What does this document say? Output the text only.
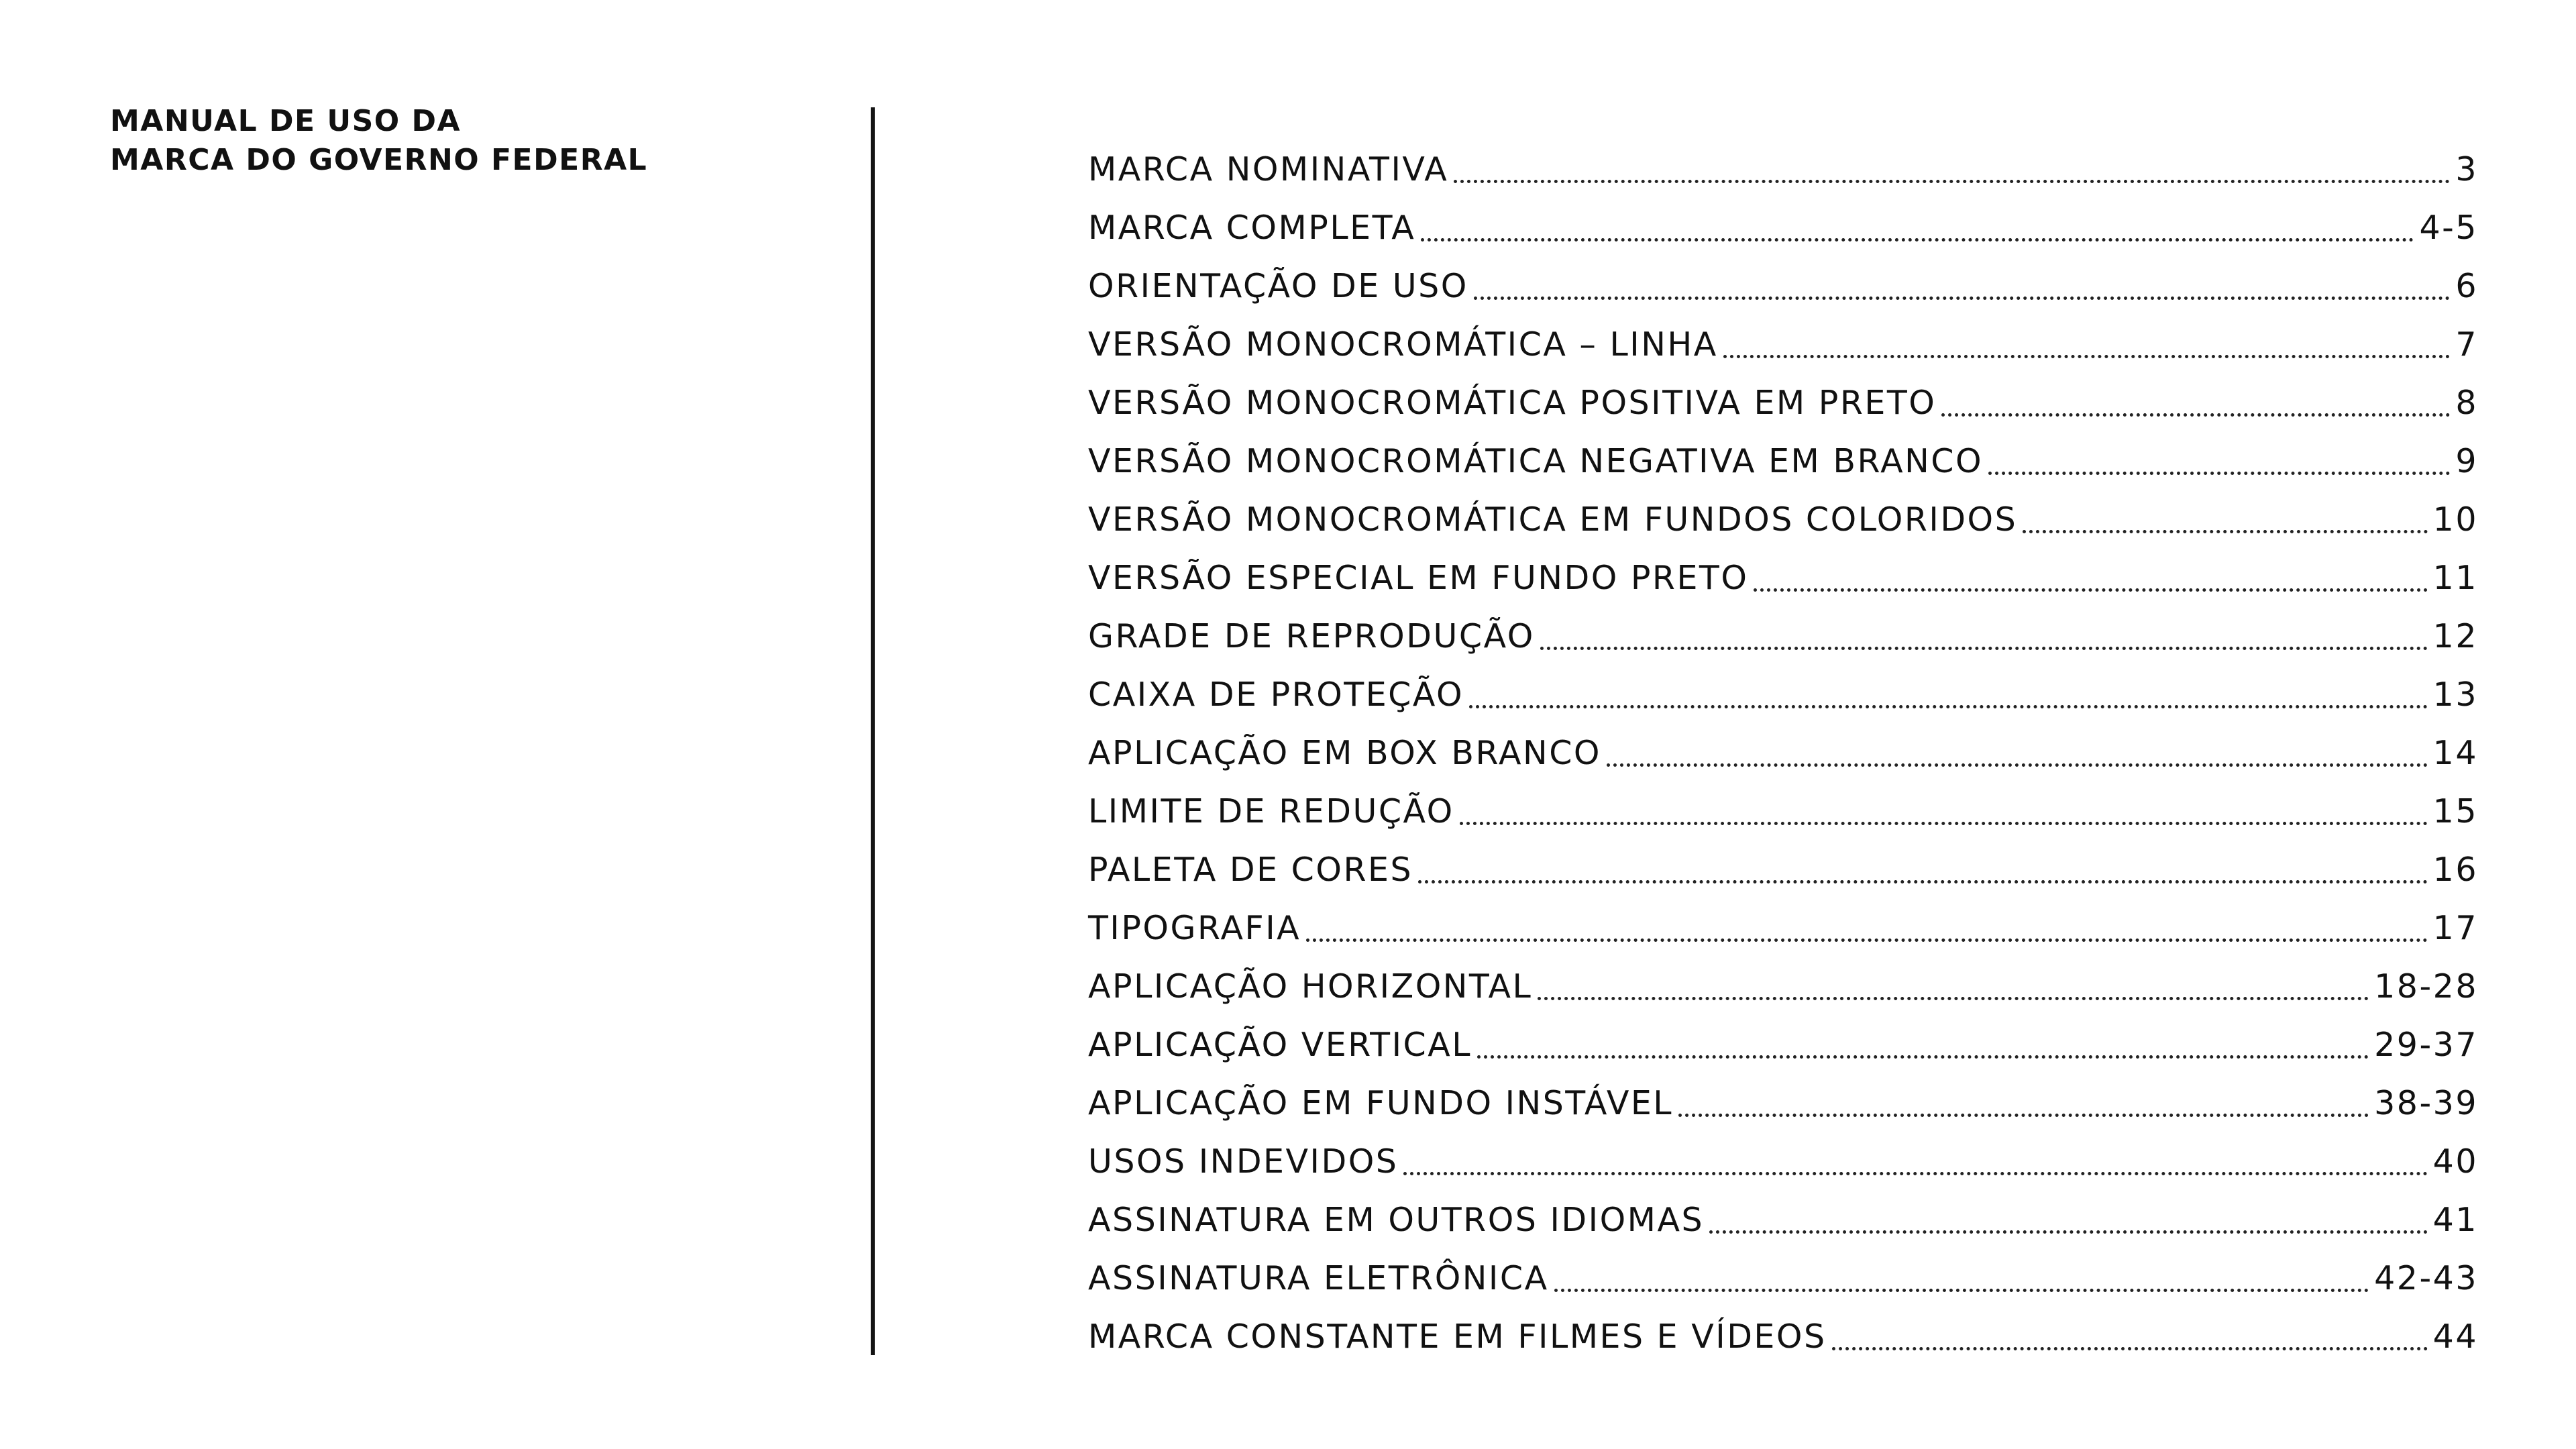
MANUAL DE USO DA
MARCA DO GOVERNO FEDERAL	MARCA NOMINATIVA	3
MARCA COMPLETA	4-5
ORIENTAÇÃO DE USO	6
VERSÃO MONOCROMÁTICA – LINHA	7
VERSÃO MONOCROMÁTICA POSITIVA EM PRETO	8
VERSÃO MONOCROMÁTICA NEGATIVA EM BRANCO	9
VERSÃO MONOCROMÁTICA EM FUNDOS COLORIDOS	10
VERSÃO ESPECIAL EM FUNDO PRETO	11
GRADE DE REPRODUÇÃO	12
CAIXA DE PROTEÇÃO	13
APLICAÇÃO EM BOX BRANCO	14
LIMITE DE REDUÇÃO	15
PALETA DE CORES	16
TIPOGRAFIA	17
APLICAÇÃO HORIZONTAL	18-28
APLICAÇÃO VERTICAL	29-37
APLICAÇÃO EM FUNDO INSTÁVEL	38-39
USOS INDEVIDOS	40
ASSINATURA EM OUTROS IDIOMAS	41
ASSINATURA ELETRÔNICA	42-43
MARCA CONSTANTE EM FILMES E VÍDEOS	44
